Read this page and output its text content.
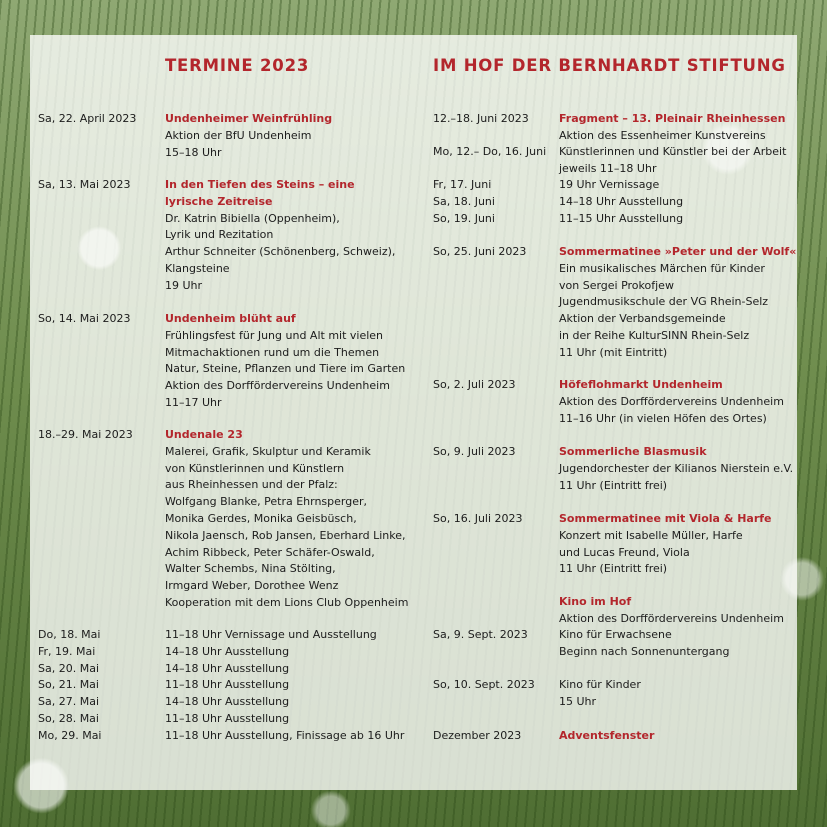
TERMINE 2023	IM HOF DER BERNHARDT STIFTUNG
Sa, 22. April 2023	Undenheimer Weinfrühling
Aktion der BfU Undenheim
15–18 Uhr
Sa, 13. Mai 2023	In den Tiefen des Steins – eine lyrische Zeitreise
Dr. Katrin Bibiella (Oppenheim),
Lyrik und Rezitation
Arthur Schneiter (Schönenberg, Schweiz),
Klangsteine
19 Uhr
So, 14. Mai 2023	Undenheim blüht auf
Frühlingsfest für Jung und Alt mit vielen
Mitmachaktionen rund um die Themen
Natur, Steine, Pflanzen und Tiere im Garten
Aktion des Dorffördervereins Undenheim
11–17 Uhr
18.–29. Mai 2023	Undenale 23
Malerei, Grafik, Skulptur und Keramik
von Künstlerinnen und Künstlern
aus Rheinhessen und der Pfalz:
Wolfgang Blanke, Petra Ehrnsperger,
Monika Gerdes, Monika Geisbüsch,
Nikola Jaensch, Rob Jansen, Eberhard Linke,
Achim Ribbeck, Peter Schäfer-Oswald,
Walter Schembs, Nina Stölting,
Irmgard Weber, Dorothee Wenz
Kooperation mit dem Lions Club Oppenheim
Do, 18. Mai	11–18 Uhr Vernissage und Ausstellung
Fr, 19. Mai	14–18 Uhr Ausstellung
Sa, 20. Mai	14–18 Uhr Ausstellung
So, 21. Mai	11–18 Uhr Ausstellung
Sa, 27. Mai	14–18 Uhr Ausstellung
So, 28. Mai	11–18 Uhr Ausstellung
Mo, 29. Mai	11–18 Uhr Ausstellung, Finissage ab 16 Uhr
12.–18. Juni 2023	Fragment – 13. Pleinair Rheinhessen
Aktion des Essenheimer Kunstvereins
Mo, 12.– Do, 16. Juni Künstlerinnen und Künstler bei der Arbeit
jeweils 11–18 Uhr
Fr, 17. Juni	19 Uhr Vernissage
Sa, 18. Juni	14–18 Uhr Ausstellung
So, 19. Juni	11–15 Uhr Ausstellung
So, 25. Juni 2023	Sommermatinee »Peter und der Wolf«
Ein musikalisches Märchen für Kinder
von Sergei Prokofjew
Jugendmusikschule der VG Rhein-Selz
Aktion der Verbandsgemeinde
in der Reihe KulturSINN Rhein-Selz
11 Uhr (mit Eintritt)
So, 2. Juli 2023	Höfeflohmarkt Undenheim
Aktion des Dorffördervereins Undenheim
11–16 Uhr (in vielen Höfen des Ortes)
So, 9. Juli 2023	Sommerliche Blasmusik
Jugendorchester der Kilianos Nierstein e.V.
11 Uhr (Eintritt frei)
So, 16. Juli 2023	Sommermatinee mit Viola & Harfe
Konzert mit Isabelle Müller, Harfe
und Lucas Freund, Viola
11 Uhr (Eintritt frei)
Kino im Hof
Aktion des Dorffördervereins Undenheim
Sa, 9. Sept. 2023	Kino für Erwachsene
Beginn nach Sonnenuntergang
So, 10. Sept. 2023 Kino für Kinder
15 Uhr
Dezember 2023	Adventsfenster
